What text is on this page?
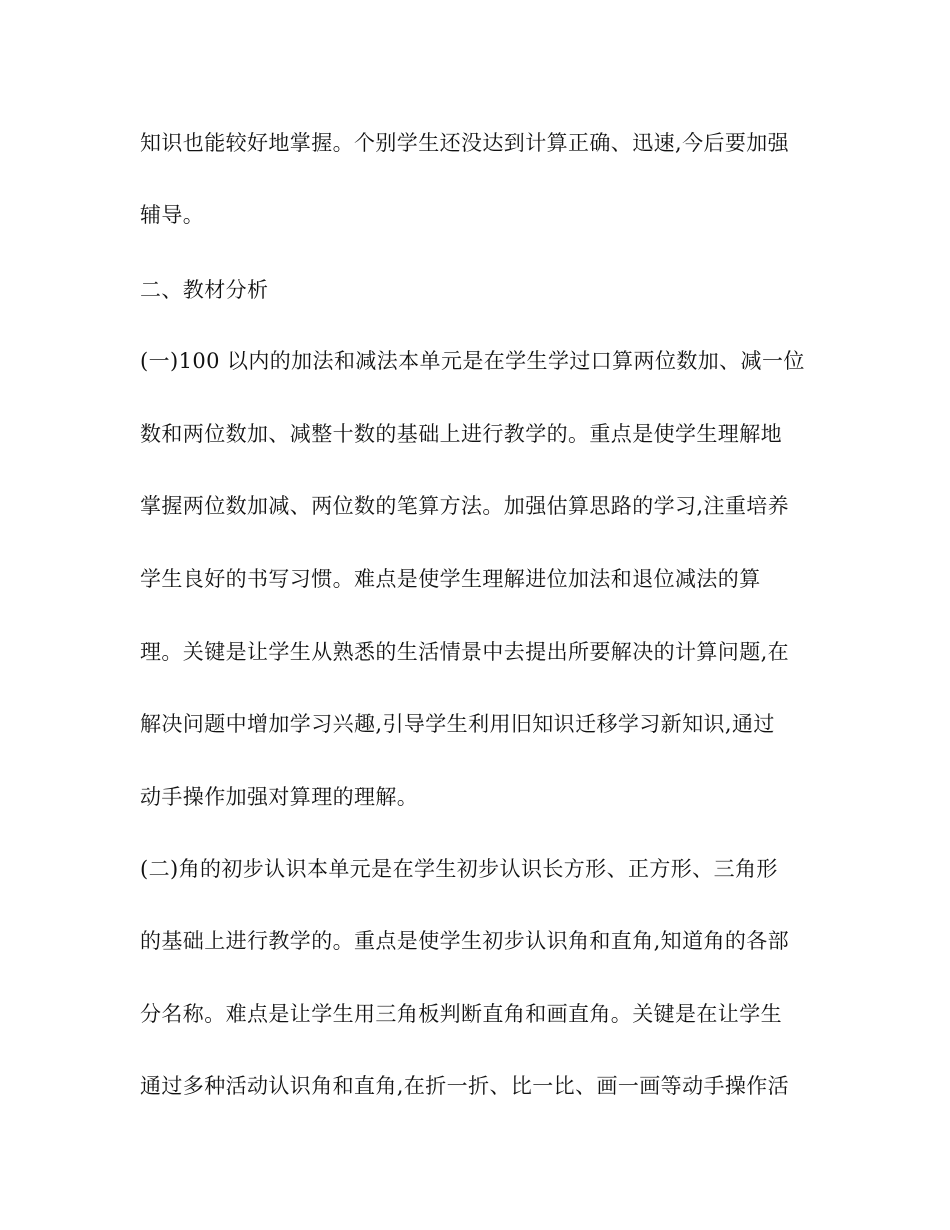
知识也能较好地掌握。个别学生还没达到计算正确、迅速,今后要加强
辅导。
二、教材分析
(一)100 以内的加法和减法本单元是在学生学过口算两位数加、减一位
数和两位数加、减整十数的基础上进行教学的。重点是使学生理解地
掌握两位数加减、两位数的笔算方法。加强估算思路的学习,注重培养
学生良好的书写习惯。难点是使学生理解进位加法和退位减法的算
理。关键是让学生从熟悉的生活情景中去提出所要解决的计算问题,在
解决问题中增加学习兴趣,引导学生利用旧知识迁移学习新知识,通过
动手操作加强对算理的理解。
(二)角的初步认识本单元是在学生初步认识长方形、正方形、三角形
的基础上进行教学的。重点是使学生初步认识角和直角,知道角的各部
分名称。难点是让学生用三角板判断直角和画直角。关键是在让学生
通过多种活动认识角和直角,在折一折、比一比、画一画等动手操作活
